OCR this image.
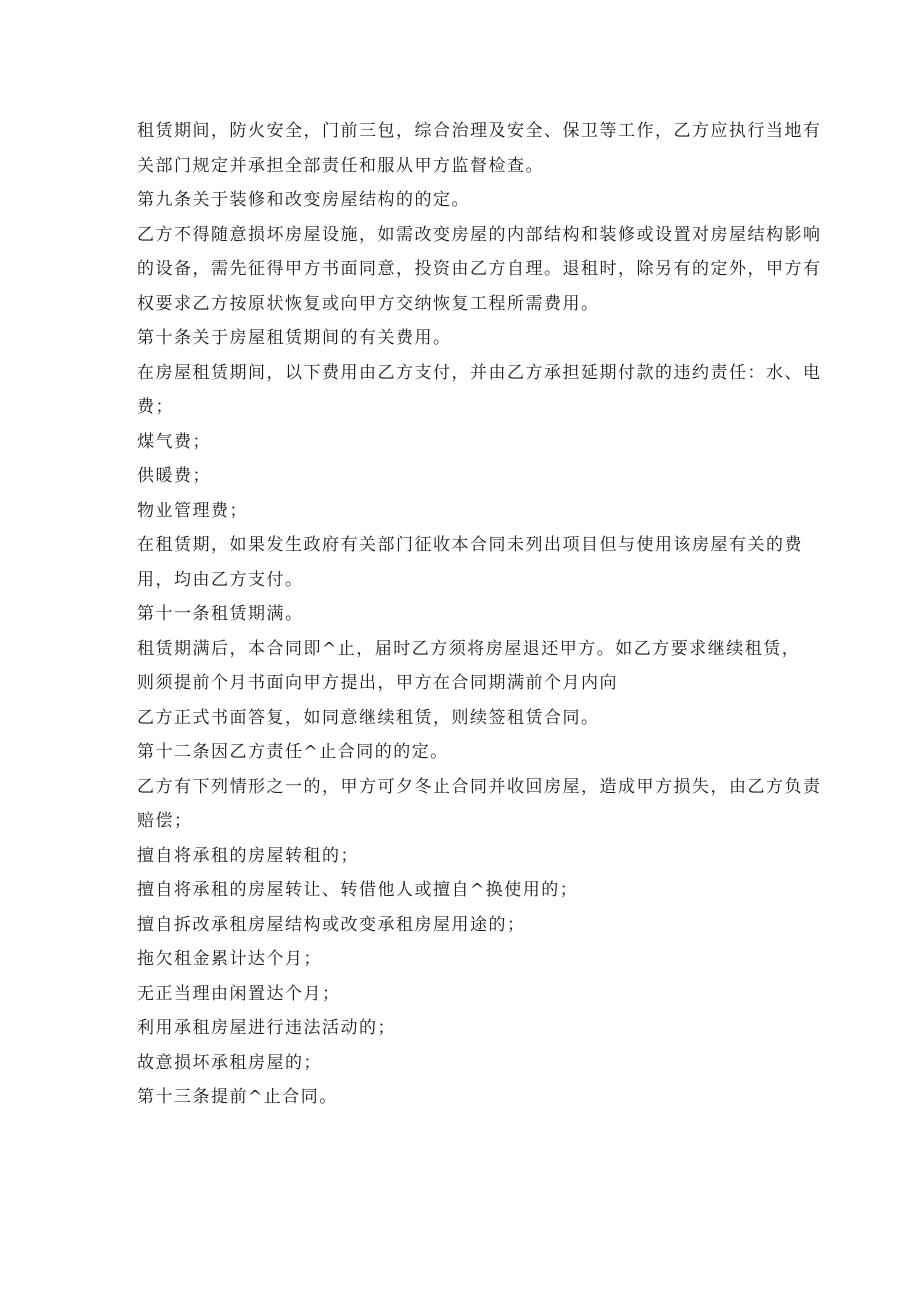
租赁期间，防火安全，门前三包，综合治理及安全、保卫等工作，乙方应执行当地有
关部门规定并承担全部责任和服从甲方监督检查。
第九条关于装修和改变房屋结构的的定。
乙方不得随意损坏房屋设施，如需改变房屋的内部结构和装修或设置对房屋结构影响
的设备，需先征得甲方书面同意，投资由乙方自理。退租时，除另有的定外，甲方有
权要求乙方按原状恢复或向甲方交纳恢复工程所需费用。
第十条关于房屋租赁期间的有关费用。
在房屋租赁期间，以下费用由乙方支付，并由乙方承担延期付款的违约责任：水、电
费；
煤气费；
供暖费；
物业管理费；
在租赁期，如果发生政府有关部门征收本合同未列出项目但与使用该房屋有关的费
用，均由乙方支付。
第十一条租赁期满。
租赁期满后，本合同即^止，届时乙方须将房屋退还甲方。如乙方要求继续租赁，
则须提前个月书面向甲方提出，甲方在合同期满前个月内向
乙方正式书面答复，如同意继续租赁，则续签租赁合同。
第十二条因乙方责任^止合同的的定。
乙方有下列情形之一的，甲方可夕冬止合同并收回房屋，造成甲方损失，由乙方负责
赔偿；
擅自将承租的房屋转租的；
擅自将承租的房屋转让、转借他人或擅自^换使用的；
擅自拆改承租房屋结构或改变承租房屋用途的；
拖欠租金累计达个月；
无正当理由闲置达个月；
利用承租房屋进行违法活动的；
故意损坏承租房屋的；
第十三条提前^止合同。
